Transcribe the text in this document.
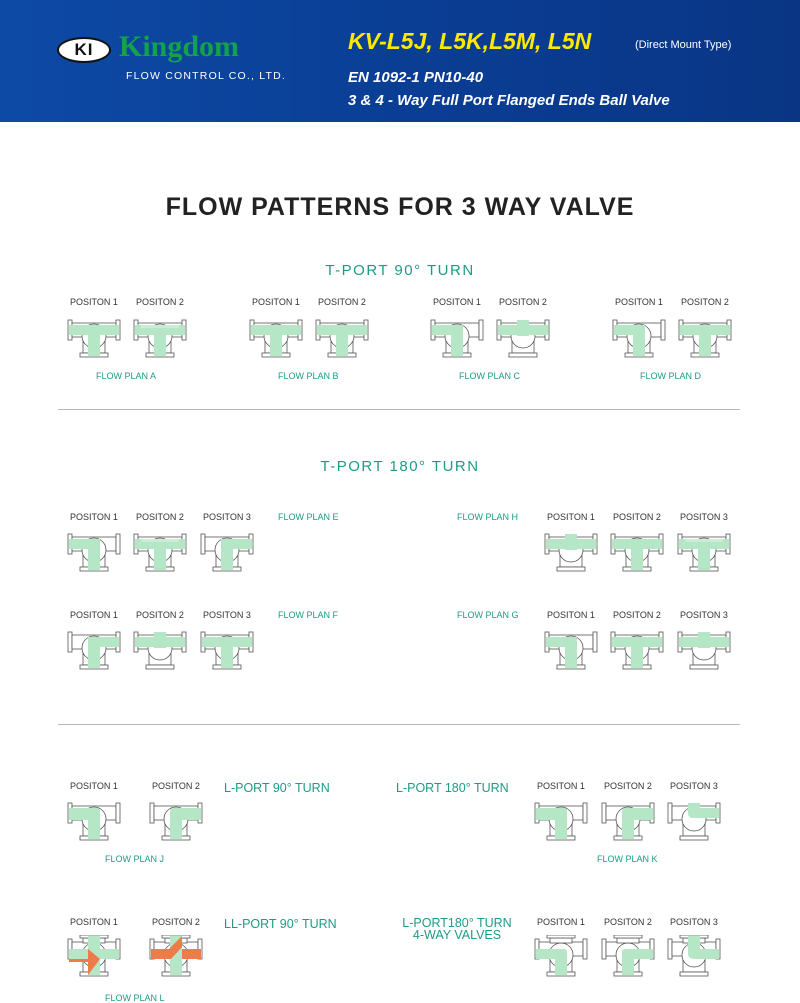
KI Kingdom
FLOW CONTROL CO., LTD.
KV-L5J, L5K,L5M, L5N	(Direct Mount Type)
EN 1092-1 PN10-40
3 & 4 - Way Full Port Flanged Ends Ball Valve
FLOW PATTERNS FOR 3 WAY VALVE
T-PORT 90° TURN
POSITON 1 POSITON 2	POSITON 1 POSITON 2	POSITON 1 POSITON 2	POSITON 1 POSITON 2
FLOW PLAN A	FLOW PLAN B	FLOW PLAN C	FLOW PLAN D
T-PORT 180° TURN
POSITON 1 POSITON 2 POSITON 3	FLOW PLAN E	FLOW PLAN H	POSITON 1 POSITON 2 POSITON 3
POSITON 1 POSITON 2 POSITON 3	FLOW PLAN F	FLOW PLAN G	POSITON 1 POSITON 2 POSITON 3
POSITON 1	POSITON 2 L-PORT 90° TURN	L-PORT 180° TURN	POSITON 1 POSITON 2 POSITON 3
FLOW PLAN J	FLOW PLAN K
POSITON 1	POSITON 2 LL-PORT 90° TURN	L-PORT180° TURN
4-WAY VALVES
POSITON 1 POSITON 2 POSITON 3
FLOW PLAN L
